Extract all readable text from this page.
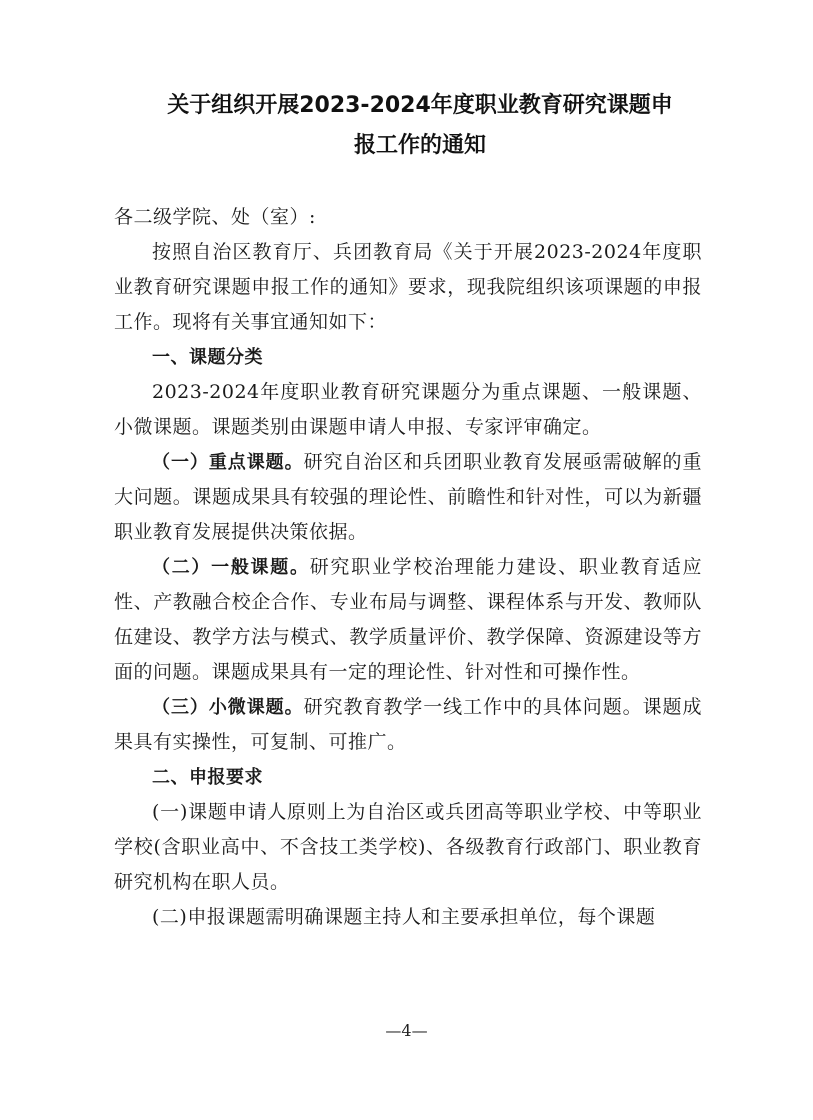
关于组织开展2023-2024年度职业教育研究课题申
报工作的通知

各二级学院、处（室）:

按照自治区教育厅、兵团教育局《关于开展2023-2024年度职业教育研究课题申报工作的通知》要求，现我院组织该项课题的申报工作。现将有关事宜通知如下：

一、课题分类

2023-2024年度职业教育研究课题分为重点课题、一般课题、小微课题。课题类别由课题申请人申报、专家评审确定。

（一）重点课题。研究自治区和兵团职业教育发展亟需破解的重大问题。课题成果具有较强的理论性、前瞻性和针对性，可以为新疆职业教育发展提供决策依据。

（二）一般课题。研究职业学校治理能力建设、职业教育适应性、产教融合校企合作、专业布局与调整、课程体系与开发、教师队伍建设、教学方法与模式、教学质量评价、教学保障、资源建设等方面的问题。课题成果具有一定的理论性、针对性和可操作性。

（三）小微课题。研究教育教学一线工作中的具体问题。课题成果具有实操性，可复制、可推广。

二、申报要求

(一)课题申请人原则上为自治区或兵团高等职业学校、中等职业学校(含职业高中、不含技工类学校)、各级教育行政部门、职业教育研究机构在职人员。

(二)申报课题需明确课题主持人和主要承担单位，每个课题

—4—
